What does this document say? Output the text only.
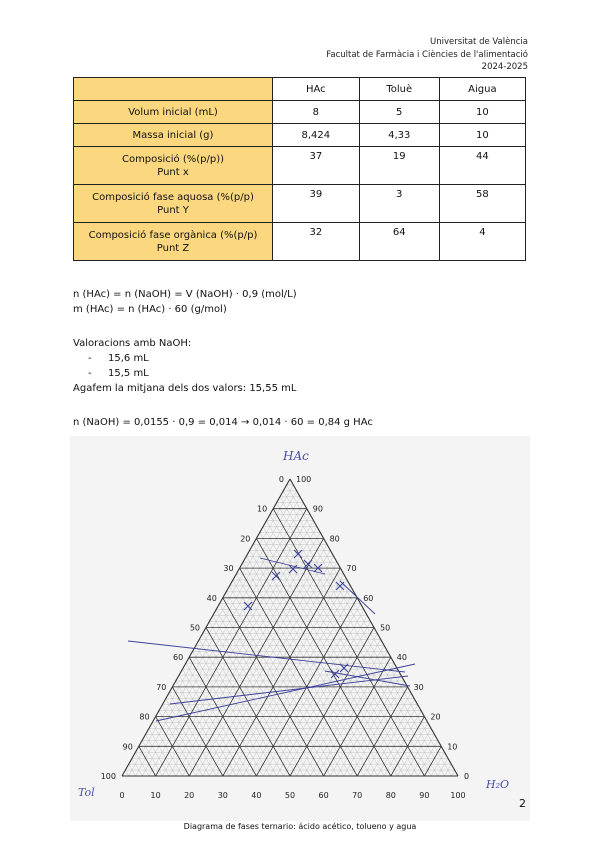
Universitat de València
Facultat de Farmàcia i Ciències de l'alimentació
2024-2025
	HAc	Toluè	Aigua

Volum inicial (mL)	8	5	10

Massa inicial (g)	8,424	4,33	10

Composició (%(p/p))
Punt x	37	19	44

Composició fase aquosa (%(p/p)
Punt Y	39	3	58

Composició fase orgànica (%(p/p)
Punt Z	32	64	4
n (HAc) = n (NaOH) = V (NaOH) · 0,9 (mol/L)
m (HAc) = n (HAc) · 60 (g/mol)
Valoracions amb NaOH:
- 15,6 mL
- 15,5 mL
Agafem la mitjana dels dos valors: 15,55 mL
n (NaOH) = 0,0155 · 0,9 = 0,014 → 0,014 · 60 = 0,84 g HAc
0	10	20	30	40	50	60	70	80	90	100
0
10
20
30
40
50
60
70
80
90
100
100
90
80
70
60
50
40
30
20
10
0
HAc
Tol
H₂O
2
Diagrama de fases ternario: ácido acético, tolueno y agua
